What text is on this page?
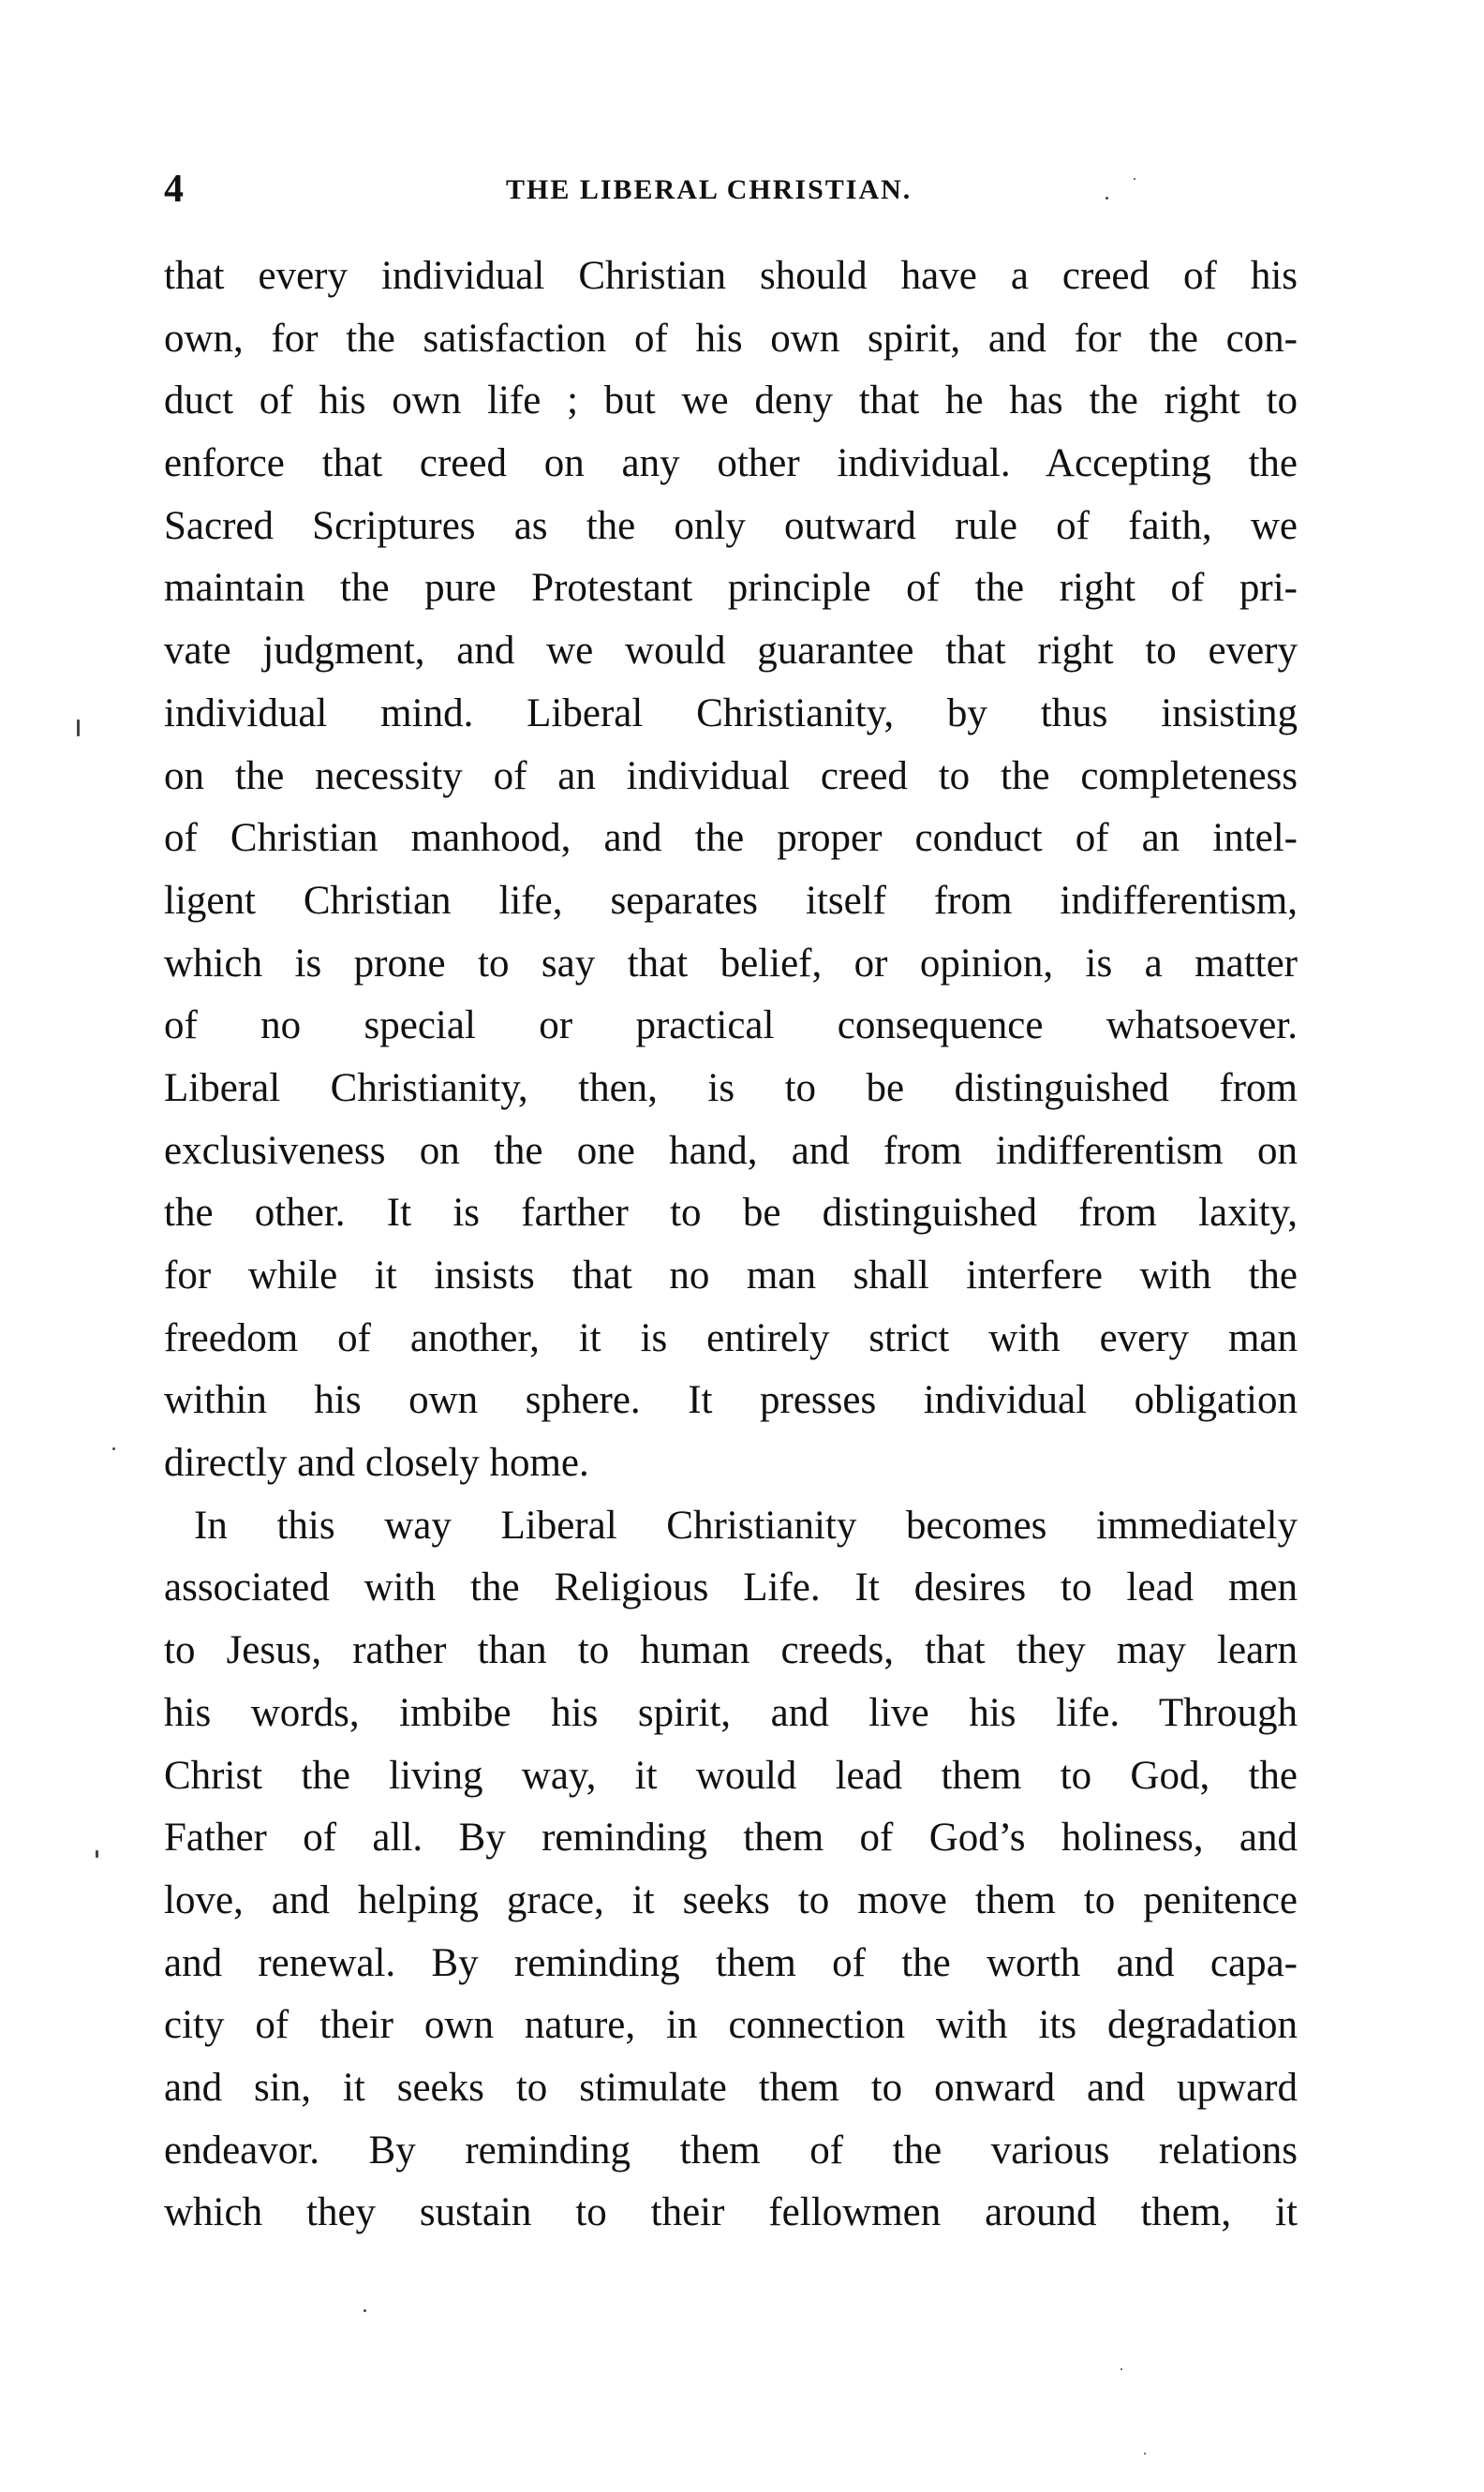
4	THE LIBERAL CHRISTIAN.
that every individual Christian should have a creed of his
own, for the satisfaction of his own spirit, and for the con-
duct of his own life ; but we deny that he has the right to
enforce that creed on any other individual. Accepting the
Sacred Scriptures as the only outward rule of faith, we
maintain the pure Protestant principle of the right of pri-
vate judgment, and we would guarantee that right to every
individual mind. Liberal Christianity, by thus insisting
on the necessity of an individual creed to the completeness
of Christian manhood, and the proper conduct of an intel-
ligent Christian life, separates itself from indifferentism,
which is prone to say that belief, or opinion, is a matter
of no special or practical consequence whatsoever.
Liberal Christianity, then, is to be distinguished from
exclusiveness on the one hand, and from indifferentism on
the other. It is farther to be distinguished from laxity,
for while it insists that no man shall interfere with the
freedom of another, it is entirely strict with every man
within his own sphere. It presses individual obligation
directly and closely home.
In this way Liberal Christianity becomes immediately
associated with the Religious Life. It desires to lead men
to Jesus, rather than to human creeds, that they may learn
his words, imbibe his spirit, and live his life. Through
Christ the living way, it would lead them to God, the
Father of all. By reminding them of God’s holiness, and
love, and helping grace, it seeks to move them to penitence
and renewal. By reminding them of the worth and capa-
city of their own nature, in connection with its degradation
and sin, it seeks to stimulate them to onward and upward
endeavor. By reminding them of the various relations
which they sustain to their fellowmen around them, it
